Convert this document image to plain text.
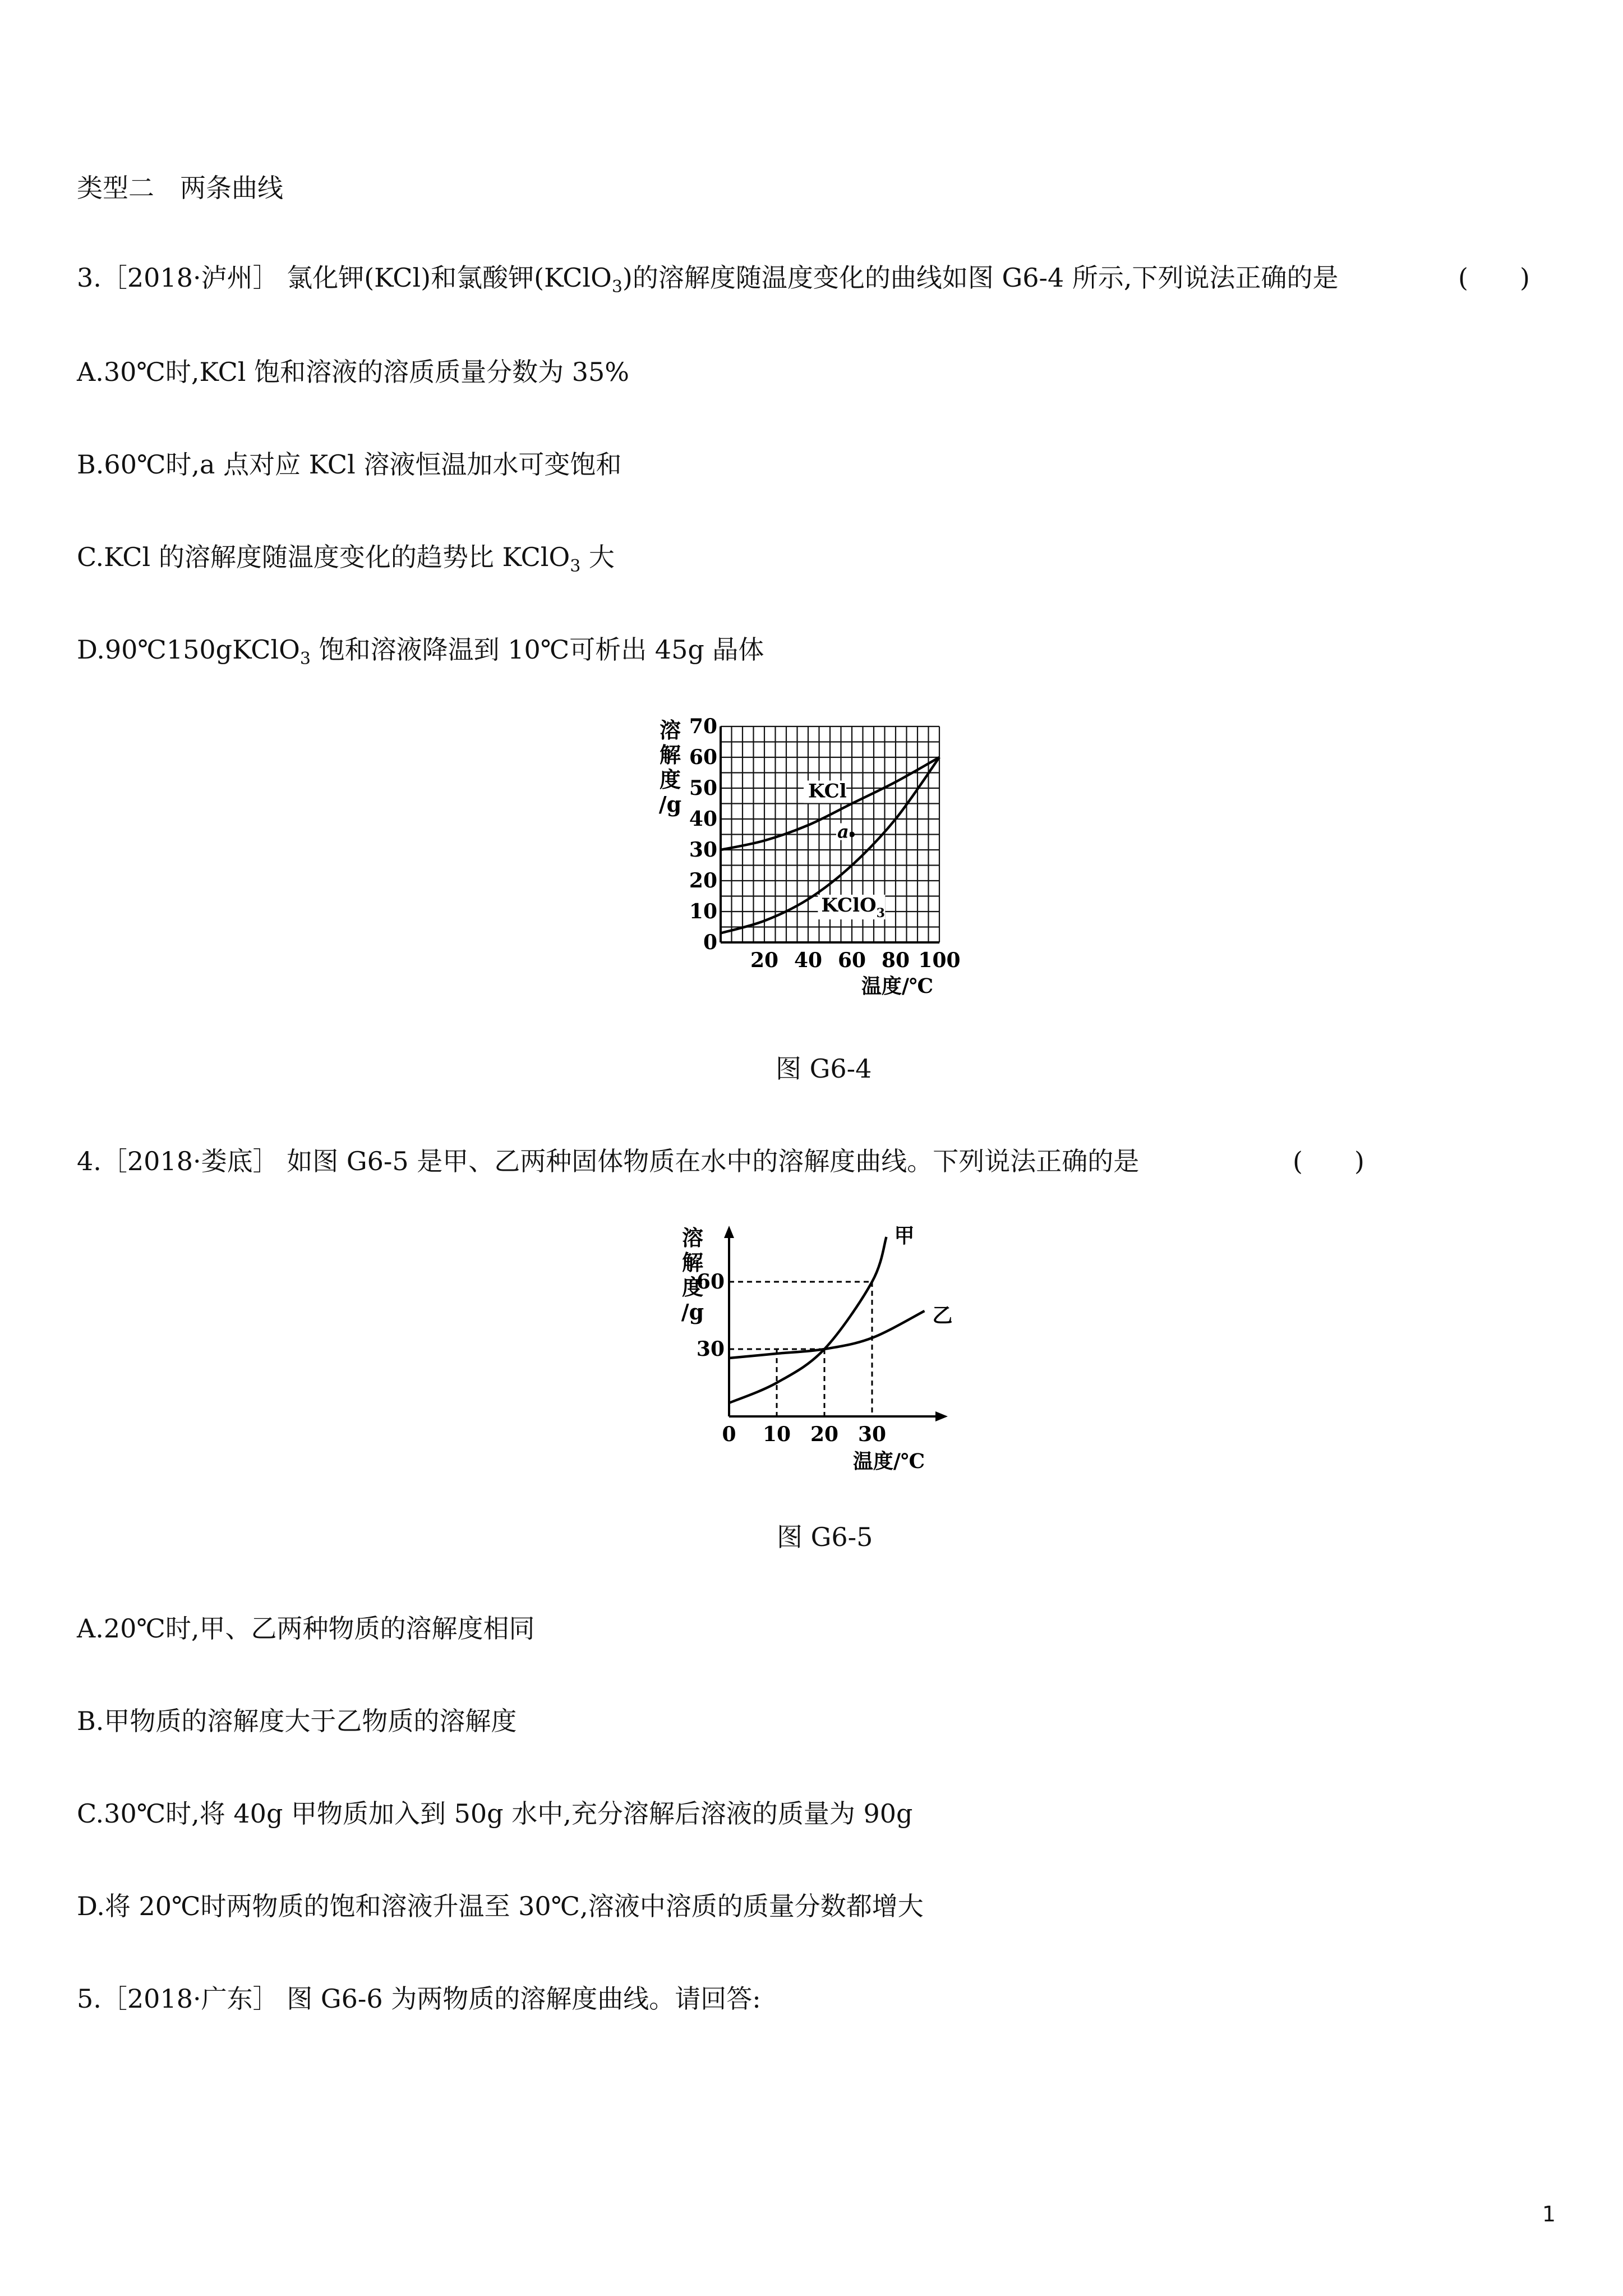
类型二　两条曲线
3.［2018·泸州］ 氯化钾(KCl)和氯酸钾(KClO$_3$)的溶解度随温度变化的曲线如图 G6-4 所示,下列说法正确的是	(　　)
A.30℃时,KCl 饱和溶液的溶质质量分数为 35%
B.60℃时,a 点对应 KCl 溶液恒温加水可变饱和
C.KCl 的溶解度随温度变化的趋势比 KClO$_3$ 大
D.90℃150gKClO$_3$ 饱和溶液降温到 10℃可析出 45g 晶体
0
10
20
30
40
50
60
70
20 40 60 80 100
溶
解
度
/g
温度/℃
KCl
KClO$_3$
a
图 G6-4
4.［2018·娄底］ 如图 G6-5 是甲、乙两种固体物质在水中的溶解度曲线。下列说法正确的是	(　　)
甲
乙
30
60
0 10 20 30
溶
解
度
/g
温度/℃
图 G6-5
A.20℃时,甲、乙两种物质的溶解度相同
B.甲物质的溶解度大于乙物质的溶解度
C.30℃时,将 40g 甲物质加入到 50g 水中,充分溶解后溶液的质量为 90g
D.将 20℃时两物质的饱和溶液升温至 30℃,溶液中溶质的质量分数都增大
5.［2018·广东］ 图 G6-6 为两物质的溶解度曲线。请回答:
1
